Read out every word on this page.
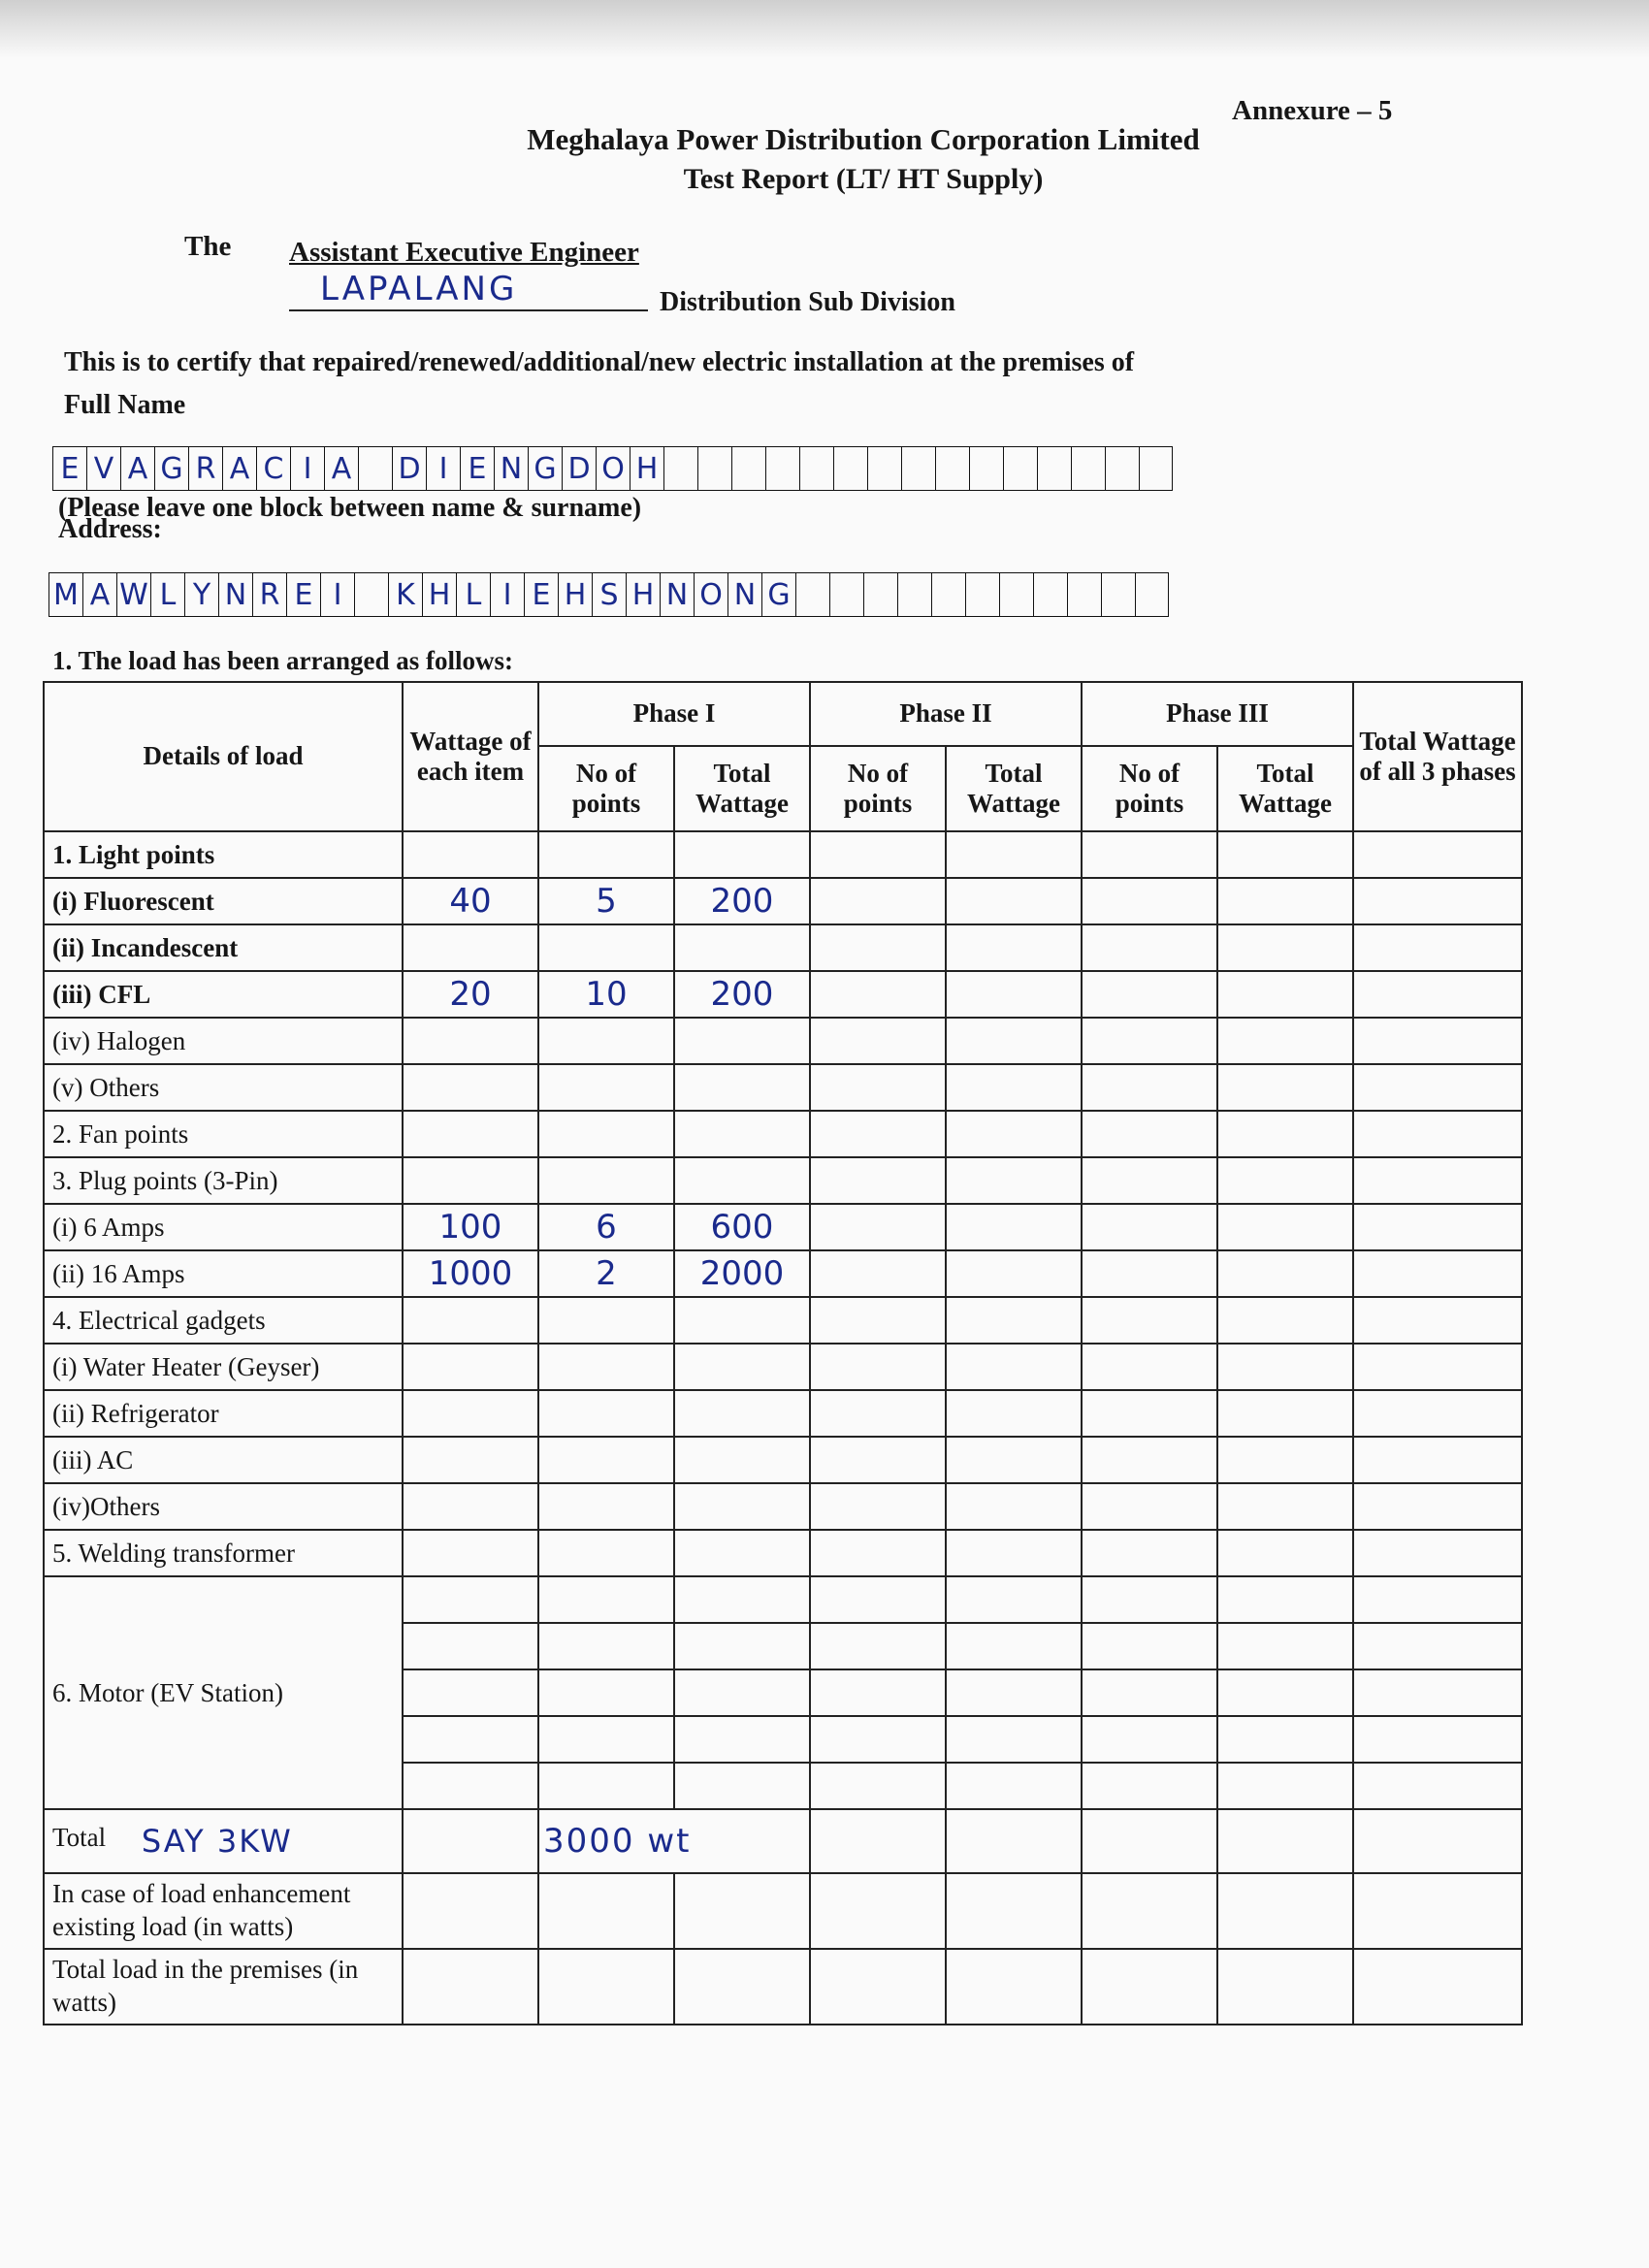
Annexure – 5
Meghalaya Power Distribution Corporation Limited
Test Report (LT/ HT Supply)
The Assistant Executive Engineer
LAPALANG	Distribution Sub Division
This is to certify that repaired/renewed/additional/new electric installation at the premises of
Full Name
E V A G R A C I A D I E N G D O H
(Please leave one block between name & surname)
Address:
M A W L Y N R E I	K H L I E H S H N O N G
1. The load has been arranged as follows:
Details of load	Wattage of each item	Phase I		Phase II		Phase III		Total Wattage of all 3 phases
		No of points	Total Wattage	No of points	Total Wattage	No of points	Total Wattage	
1. Light points								
(i) Fluorescent	40	5	200					
(ii) Incandescent								
(iii) CFL	20	10	200					
(iv) Halogen								
(v) Others								
2. Fan points								
3. Plug points (3-Pin)								
(i) 6 Amps	100	6	600					
(ii) 16 Amps	1000	2	2000					
4. Electrical gadgets								
(i) Water Heater (Geyser)								
(ii) Refrigerator								
(iii) AC								
(iv)Others								
5. Welding transformer								
6. Motor (EV Station)								

Total SAY 3KW		3000 wt						
In case of load enhancement existing load (in watts)								
Total load in the premises (in watts)								
